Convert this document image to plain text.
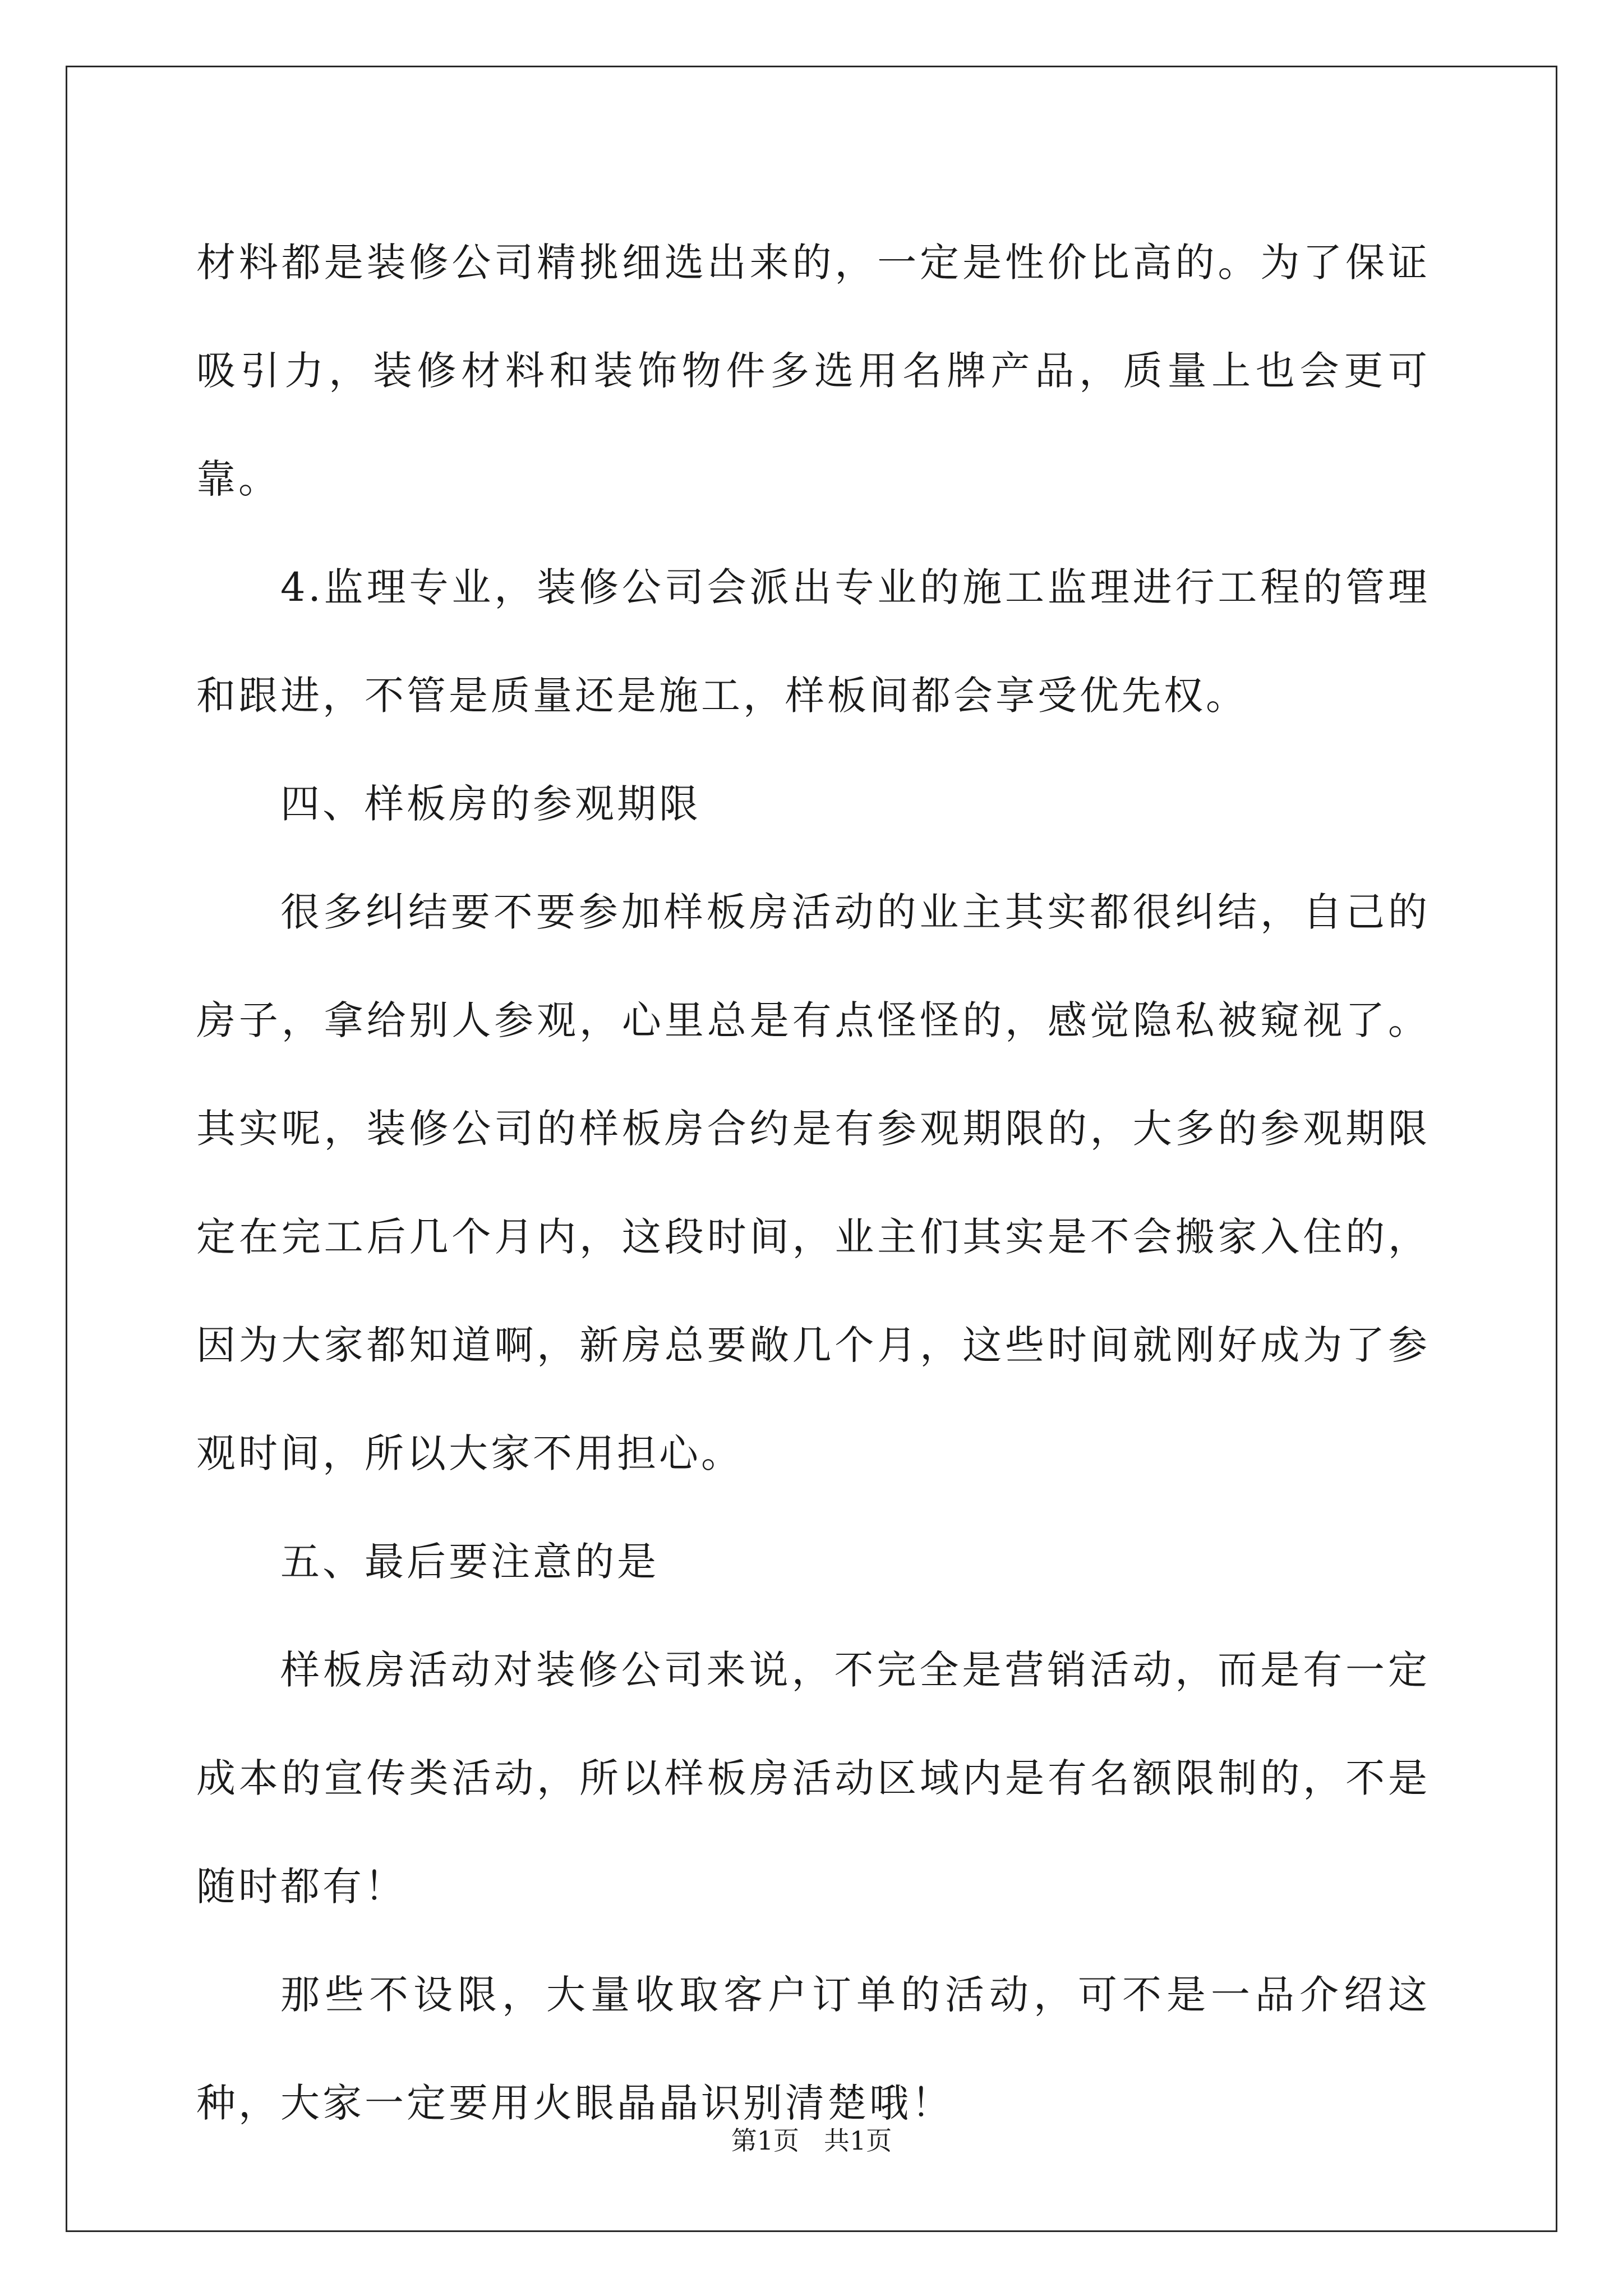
材料都是装修公司精挑细选出来的，一定是性价比高的。为了保证吸引力，装修材料和装饰物件多选用名牌产品，质量上也会更可靠。

4.监理专业，装修公司会派出专业的施工监理进行工程的管理和跟进，不管是质量还是施工，样板间都会享受优先权。

四、样板房的参观期限

很多纠结要不要参加样板房活动的业主其实都很纠结，自己的房子，拿给别人参观，心里总是有点怪怪的，感觉隐私被窥视了。其实呢，装修公司的样板房合约是有参观期限的，大多的参观期限定在完工后几个月内，这段时间，业主们其实是不会搬家入住的，因为大家都知道啊，新房总要敞几个月，这些时间就刚好成为了参观时间，所以大家不用担心。

五、最后要注意的是

样板房活动对装修公司来说，不完全是营销活动，而是有一定成本的宣传类活动，所以样板房活动区域内是有名额限制的，不是随时都有！

那些不设限，大量收取客户订单的活动，可不是一品介绍这种，大家一定要用火眼晶晶识别清楚哦！

第1页 共1页
